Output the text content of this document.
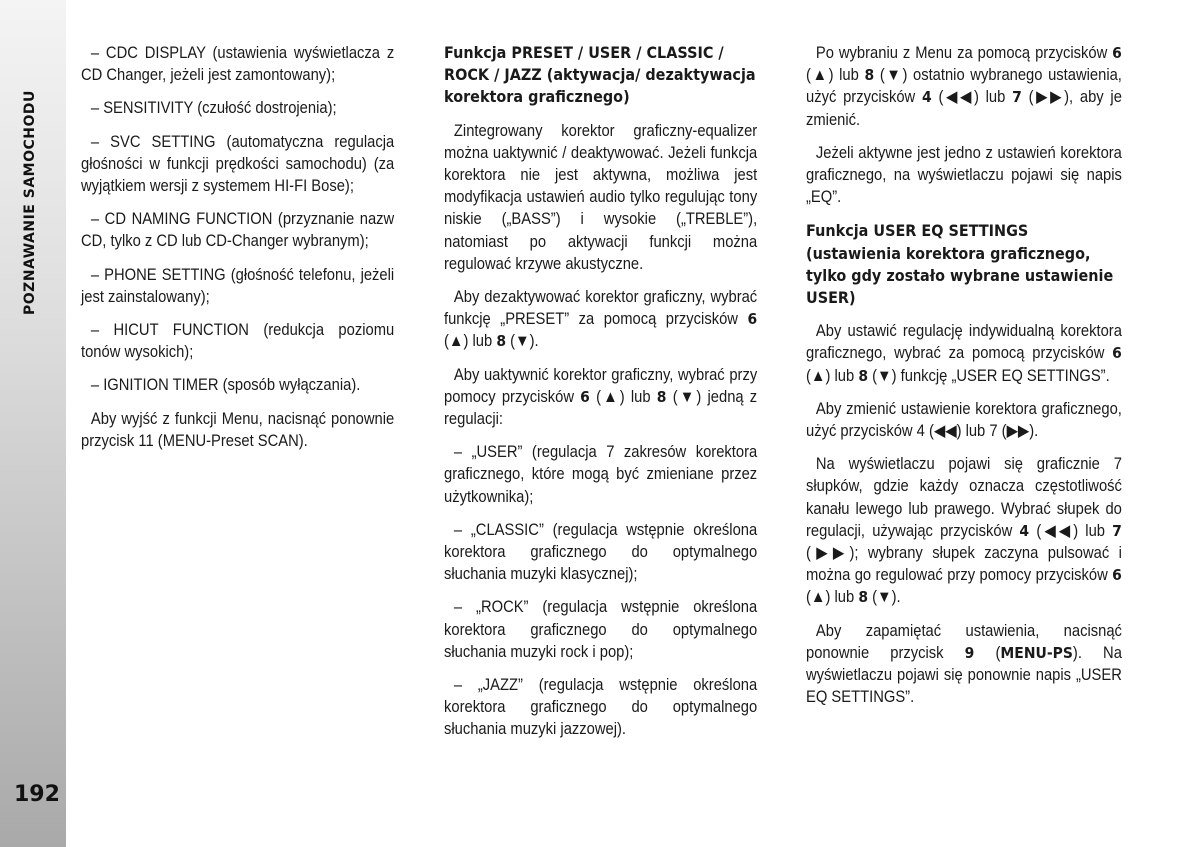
POZNAWANIE SAMOCHODU
192

– CDC DISPLAY (ustawienia wyświetlacza z CD Changer, jeżeli jest zamontowany);

– SENSITIVITY (czułość dostrojenia);

– SVC SETTING (automatyczna regulacja głośności w funkcji prędkości samochodu) (za wyjątkiem wersji z systemem HI-FI Bose);

– CD NAMING FUNCTION (przyznanie nazw CD, tylko z CD lub CD-Changer wybranym);

– PHONE SETTING (głośność telefonu, jeżeli jest zainstalowany);

– HICUT FUNCTION (redukcja poziomu tonów wysokich);

– IGNITION TIMER (sposób wyłączania).

Aby wyjść z funkcji Menu, nacisnąć ponownie przycisk 11 (MENU-Preset SCAN).

Funkcja PRESET / USER / CLASSIC / ROCK / JAZZ (aktywacja/ dezaktywacja korektora graficznego)

Zintegrowany korektor graficzny-equalizer można uaktywnić / deaktywować. Jeżeli funkcja korektora nie jest aktywna, możliwa jest modyfikacja ustawień audio tylko regulując tony niskie („BASS”) i wysokie („TREBLE”), natomiast po aktywacji funkcji można regulować krzywe akustyczne.

Aby dezaktywować korektor graficzny, wybrać funkcję „PRESET” za pomocą przycisków 6 (▲) lub 8 (▼).

Aby uaktywnić korektor graficzny, wybrać przy pomocy przycisków 6 (▲) lub 8 (▼) jedną z regulacji:

– „USER” (regulacja 7 zakresów korektora graficznego, które mogą być zmieniane przez użytkownika);

– „CLASSIC” (regulacja wstępnie określona korektora graficznego do optymalnego słuchania muzyki klasycznej);

– „ROCK” (regulacja wstępnie określona korektora graficznego do optymalnego słuchania muzyki rock i pop);

– „JAZZ” (regulacja wstępnie określona korektora graficznego do optymalnego słuchania muzyki jazzowej).

Po wybraniu z Menu za pomocą przycisków 6 (▲) lub 8 (▼) ostatnio wybranego ustawienia, użyć przycisków 4 (◀◀) lub 7 (▶▶), aby je zmienić.

Jeżeli aktywne jest jedno z ustawień korektora graficznego, na wyświetlaczu pojawi się napis „EQ”.

Funkcja USER EQ SETTINGS (ustawienia korektora graficznego, tylko gdy zostało wybrane ustawienie USER)

Aby ustawić regulację indywidualną korektora graficznego, wybrać za pomocą przycisków 6 (▲) lub 8 (▼) funkcję „USER EQ SETTINGS”.

Aby zmienić ustawienie korektora graficznego, użyć przycisków 4 (◀◀) lub 7 (▶▶).

Na wyświetlaczu pojawi się graficznie 7 słupków, gdzie każdy oznacza częstotliwość kanału lewego lub prawego. Wybrać słupek do regulacji, używając przycisków 4 (◀◀) lub 7 (▶▶); wybrany słupek zaczyna pulsować i można go regulować przy pomocy przycisków 6 (▲) lub 8 (▼).

Aby zapamiętać ustawienia, nacisnąć ponownie przycisk 9 (MENU-PS). Na wyświetlaczu pojawi się ponownie napis „USER EQ SETTINGS”.
